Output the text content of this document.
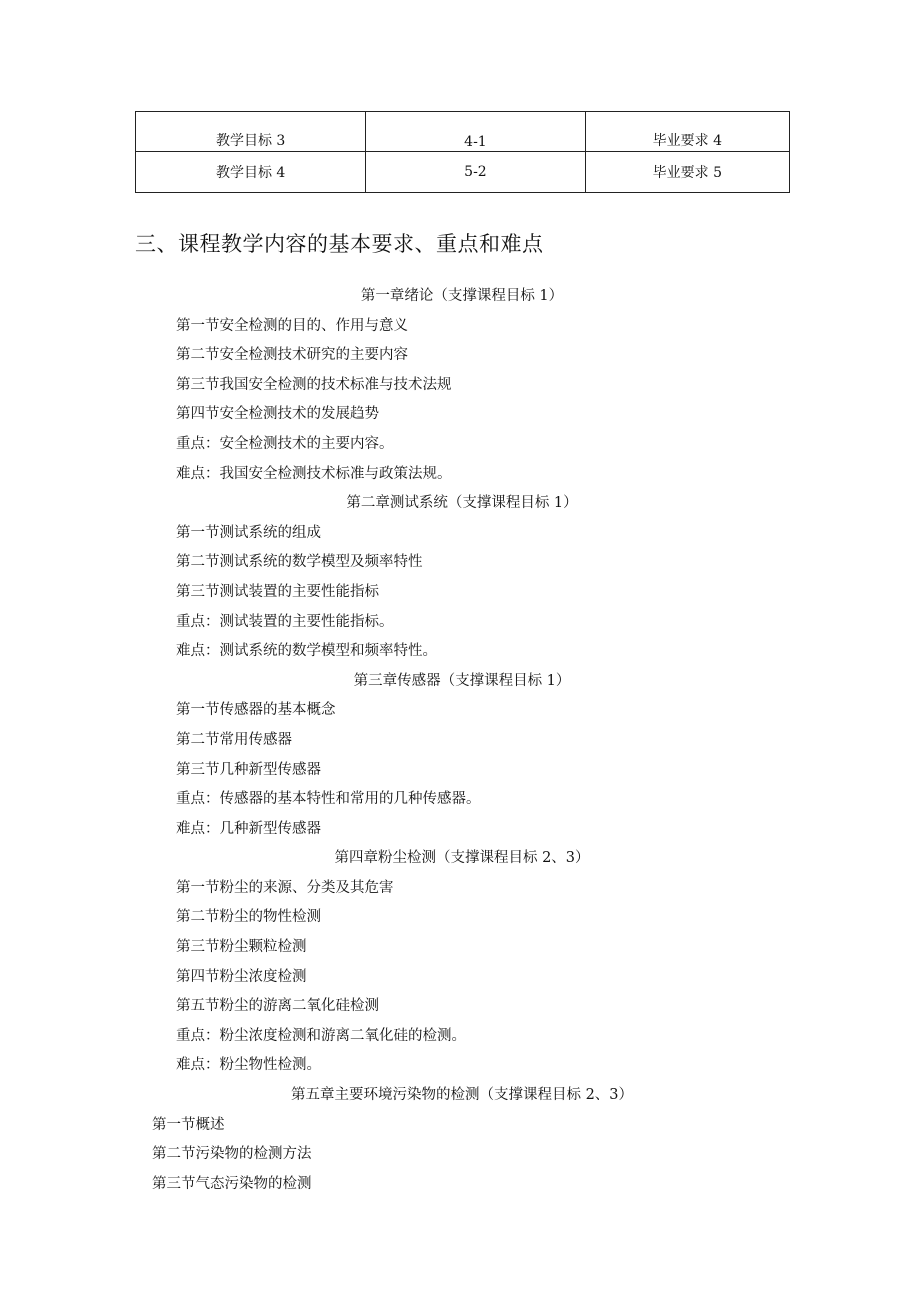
教学目标 3	4-1	毕业要求 4
教学目标 4	5-2	毕业要求 5
三、课程教学内容的基本要求、重点和难点
第一章绪论（支撑课程目标 1）
第一节安全检测的目的、作用与意义
第二节安全检测技术研究的主要内容
第三节我国安全检测的技术标准与技术法规
第四节安全检测技术的发展趋势
重点：安全检测技术的主要内容。
难点：我国安全检测技术标准与政策法规。
第二章测试系统（支撑课程目标 1）
第一节测试系统的组成
第二节测试系统的数学模型及频率特性
第三节测试装置的主要性能指标
重点：测试装置的主要性能指标。
难点：测试系统的数学模型和频率特性。
第三章传感器（支撑课程目标 1）
第一节传感器的基本概念
第二节常用传感器
第三节几种新型传感器
重点：传感器的基本特性和常用的几种传感器。
难点：几种新型传感器
第四章粉尘检测（支撑课程目标 2、3）
第一节粉尘的来源、分类及其危害
第二节粉尘的物性检测
第三节粉尘颗粒检测
第四节粉尘浓度检测
第五节粉尘的游离二氧化硅检测
重点：粉尘浓度检测和游离二氧化硅的检测。
难点：粉尘物性检测。
第五章主要环境污染物的检测（支撑课程目标 2、3）
第一节概述
第二节污染物的检测方法
第三节气态污染物的检测
